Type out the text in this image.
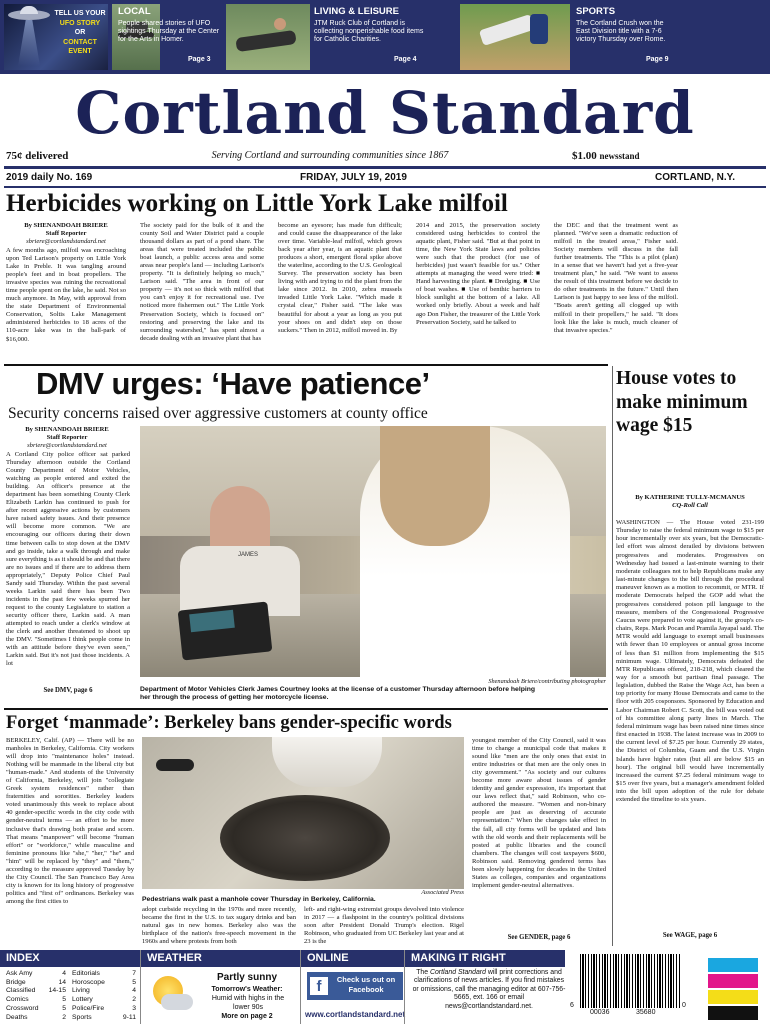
TELL US YOUR
UFO STORY
OR
CONTACT
EVENT
LOCAL
People shared stories of UFO sightings Thursday at the Center for the Arts in Homer.
Page 3
LIVING & LEISURE
JTM Ruck Club of Cortland is collecting nonperishable food items for Catholic Charities.
Page 4
SPORTS
The Cortland Crush won the East Division title with a 7-6 victory Thursday over Rome.
Page 9
Cortland Standard
75¢ delivered	Serving Cortland and surrounding communities since 1867	$1.00 newsstand
2019 daily No. 169	FRIDAY, JULY 19, 2019	CORTLAND, N.Y.
Herbicides working on Little York Lake milfoil
By SHENANDOAH BRIERE
Staff Reporter
sbriere@cortlandstandard.net
A few months ago, milfoil was encroaching upon Ted Larison's property on Little York Lake in Preble. It was tangling around people's feet and in boat propellers. The invasive species was ruining the recreational time people spent on the lake, he said. Not so much anymore. In May, with approval from the state Department of Environmental Conservation, Soltis Lake Management administered herbicides to 18 acres of the 110-acre lake was in the ball-park of $16,000.
The society paid for the bulk of it and the county Soil and Water District paid a couple thousand dollars as part of a pond share. The areas that were treated included the public boat launch, a public access area and some areas near people's land — including Larison's property. "It is definitely helping so much," Larison said. "The area in front of our property — it's not so thick with milfoil that you can't enjoy it for recreational use. I've noticed more fishermen out." The Little York Preservation Society, which is focused on" restoring and preserving the lake and its surrounding watershed," has spent almost a decade dealing with an invasive plant that has
become an eyesore; has made fun difficult; and could cause the disappearance of the lake over time. Variable-leaf milfoil, which grows back year after year, is an aquatic plant that produces a short, emergent floral spike above the waterline, according to the U.S. Geological Survey. The preservation society has been living with and trying to rid the plant from the lake since 2012. In 2010, zebra mussels invaded Little York Lake. "Which made it crystal clear," Fisher said. "The lake was beautiful for about a year as long as you put your shoes on and didn't step on those suckers." Then in 2012, milfoil moved in. By
2014 and 2015, the preservation society considered using herbicides to control the aquatic plant, Fisher said. "But at that point in time, the New York State laws and policies were such that the product (for use of herbicides) just wasn't feasible for us." Other attempts at managing the weed were tried: ■ Hand harvesting the plant. ■ Dredging. ■ Use of boat washes. ■ Use of benthic barriers to block sunlight at the bottom of a lake. All worked only briefly. About a week and half ago Don Fisher, the treasurer of the Little York Preservation Society, said he talked to
the DEC and that the treatment went as planned. "We've seen a dramatic reduction of milfoil in the treated areas," Fisher said. Society members will discuss in the fall further treatments. The "This is a pilot (plan) in a sense that we haven't had yet a five-year treatment plan," he said. "We want to assess the result of this treatment before we decide to do other treatments in the future." Until then Larison is just happy to see less of the milfoil. "Boats aren't getting all clogged up with milfoil in their propellers," he said. "It does look like the lake is much, much cleaner of that invasive species."
DMV urges: ‘Have patience’
Security concerns raised over aggressive customers at county office
By SHENANDOAH BRIERE
Staff Reporter
sbriere@cortlandstandard.net
A Cortland City police officer sat parked Thursday afternoon outside the Cortland County Department of Motor Vehicles, watching as people entered and exited the building. An officer's presence at the department has been something County Clerk Elizabeth Larkin has continued to push for after recent aggressive actions by customers have raised safety issues. And their presence will become more common. "We are encouraging our officers during their down time between calls to stop down at the DMV and go inside, take a walk through and make sure everything is as it should be and that there are no issues and if there are to address them appropriately," Deputy Police Chief Paul Sandy said Thursday. Within the past several weeks Larkin said there has been Two incidents in the past few weeks spurred her request to the county Legislature to station a security officer there, Larkin said. A man attempted to reach under a clerk's window at the clerk and another threatened to shoot up the DMV. "Sometimes I think people come in with an attitude before they've even seen," Larkin said. But it's not just those incidents. A lot
See DMV, page 6
JAMES
Shenandoah Briere/contributing photographer
Department of Motor Vehicles Clerk James Courtney looks at the license of a customer Thursday afternoon before helping her through the process of getting her motorcycle license.
House votes to make minimum wage $15
By KATHERINE TULLY-MCMANUS
CQ-Roll Call
WASHINGTON — The House voted 231-199 Thursday to raise the federal minimum wage to $15 per hour incrementally over six years, but the Democratic-led effort was almost derailed by divisions between progressives and moderates. Progressives on Wednesday had issued a last-minute warning to their moderate colleagues not to help Republicans make any last-minute changes to the bill through the procedural maneuver known as a motion to recommit, or MTR. If moderate Democrats helped the GOP add what the progressives considered poison pill language to the measure, members of the Congressional Progressive Caucus were prepared to vote against it, the group's co-chairs, Reps. Mark Pocan and Pramila Jayapal said. The MTR would add language to exempt small businesses with fewer than 10 employees or annual gross income of less than $1 million from implementing the $15 minimum wage. Ultimately, Democrats defeated the MTR Republicans offered, 218-218, which cleared the way for a smooth but partisan final passage. The legislation, dubbed the Raise the Wage Act, has been a top priority for many House Democrats and came to the floor with 205 cosponsors. Sponsored by Education and Labor Chairman Robert C. Scott, the bill was voted out of his committee along party lines in March. The federal minimum wage has been raised nine times since first enacted in 1938. The latest increase was in 2009 to the current level of $7.25 per hour. Currently 29 states, the District of Columbia, Guam and the U.S. Virgin Islands have higher rates (but all are below $15 an hour). The original bill would have incrementally increased the current $7.25 federal minimum wage to $15 over five years, but a manager's amendment folded into the bill upon adoption of the rule for debate extended the timeline to six years.
See WAGE, page 6
Forget ‘manmade’: Berkeley bans gender-specific words
BERKELEY, Calif. (AP) — There will be no manholes in Berkeley, California. City workers will drop into "maintenance holes" instead. Nothing will be manmade in the liberal city but "human-made." And students of the University of California, Berkeley, will join "collegiate Greek system residences" rather than fraternities and sororities. Berkeley leaders voted unanimously this week to replace about 40 gender-specific words in the city code with gender-neutral terms — an effort to be more inclusive that's drawing both praise and scorn. That means "manpower" will become "human effort" or "workforce," while masculine and feminine pronouns like "she," "her," "he" and "him" will be replaced by "they" and "them," according to the measure approved Tuesday by the City Council. The San Francisco Bay Area city is known for its long history of progressive politics and "first of" ordinances. Berkeley was among the first cities to
Associated Press
Pedestrians walk past a manhole cover Thursday in Berkeley, California.
adopt curbside recycling in the 1970s and more recently, became the first in the U.S. to tax sugary drinks and ban natural gas in new homes. Berkeley also was the birthplace of the nation's free-speech movement in the 1960s and where protests from both
left- and right-wing extremist groups devolved into violence in 2017 — a flashpoint in the country's political divisions soon after President Donald Trump's election. Rigel Robinson, who graduated from UC Berkeley last year and at 23 is the
youngest member of the City Council, said it was time to change a municipal code that makes it sound like "men are the only ones that exist in entire industries or that men are the only ones in city government." "As society and our cultures become more aware about issues of gender identity and gender expression, it's important that our laws reflect that," said Robinson, who co-authored the measure. "Women and non-binary people are just as deserving of accurate representation." When the changes take effect in the fall, all city forms will be updated and lists with the old words and their replacements will be posted at public libraries and the council chambers. The changes will cost taxpayers $600, Robinson said. Removing gendered terms has been slowly happening for decades in the United States as colleges, companies and organizations implement gender-neutral alternatives.
See GENDER, page 6
INDEX
Ask Amy	4
Bridge	14
Classified 14-15
Comics	5
Crossword	5
Deaths	2
Editorials	7
Horoscope	5
Living	4
Lottery	2
Police/Fire	3
Sports	9-11
WEATHER
Partly sunny
Tomorrow's Weather:
Humid with highs in the lower 90s
More on page 2
ONLINE
f	Check us out on Facebook
www.cortlandstandard.net
MAKING IT RIGHT
The Cortland Standard will print corrections and clarifications of news articles. If you find mistakes or omissions, call the managing editor at 607-756-5665, ext. 166 or email news@cortlandstandard.net.	6
00036	35680
0
